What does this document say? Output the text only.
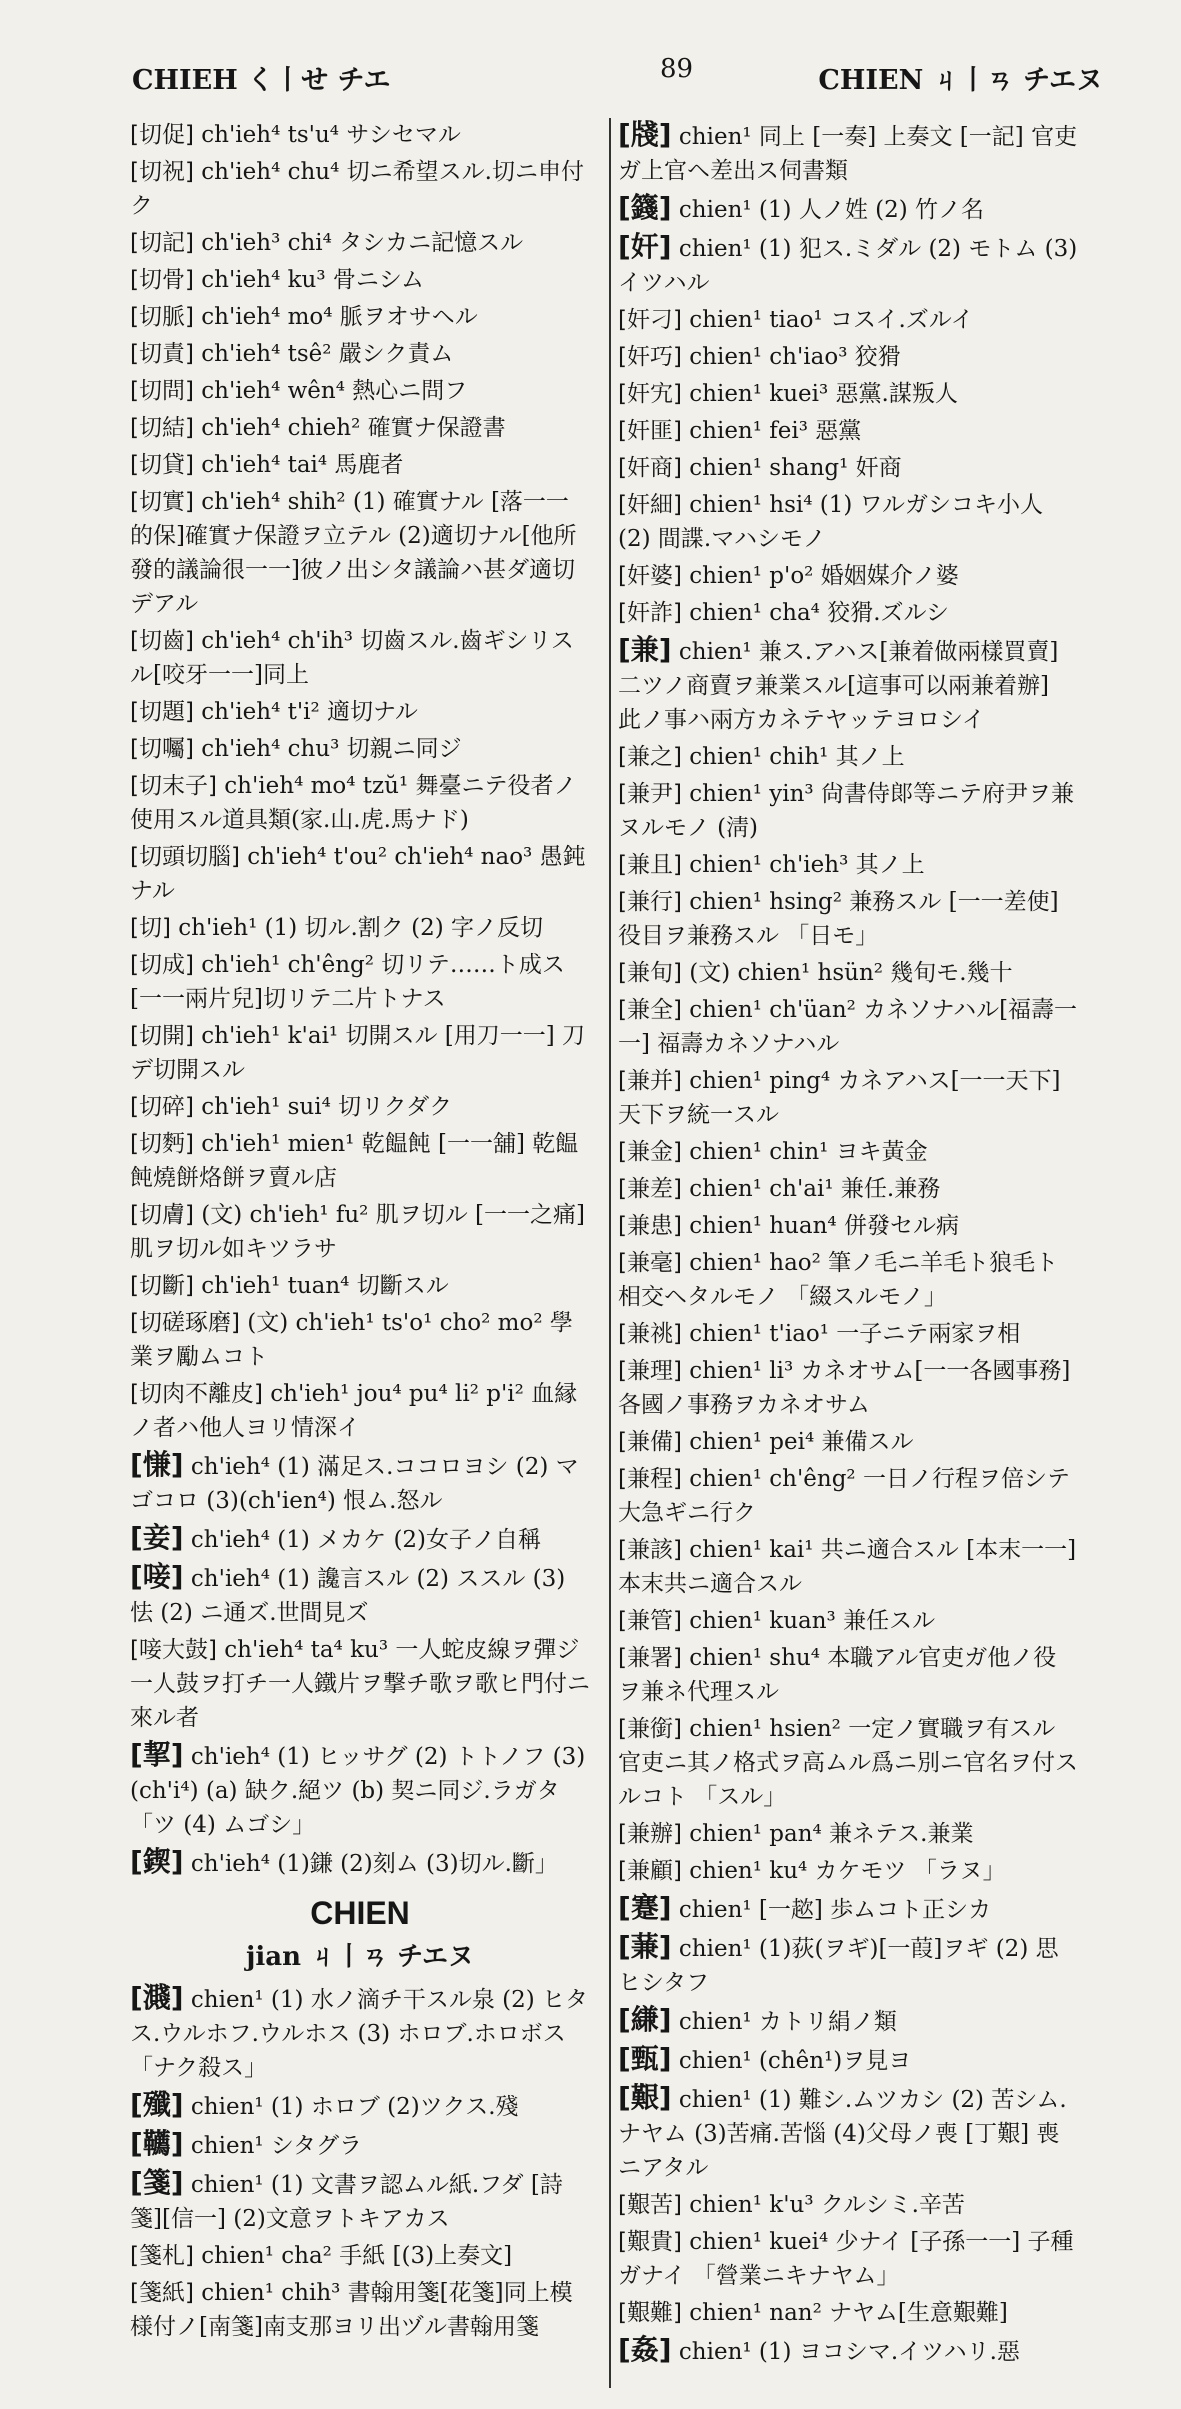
CHIEH く丨せ チエ	89	CHIEN ㄐ丨ㄢ チエヌ
[切促] ch'ieh⁴ ts'u⁴ サシセマル
[切祝] ch'ieh⁴ chu⁴ 切ニ希望スル.切ニ申付ク
[切記] ch'ieh³ chi⁴ タシカニ記憶スル
[切骨] ch'ieh⁴ ku³ 骨ニシム
[切脈] ch'ieh⁴ mo⁴ 脈ヲオサヘル
[切責] ch'ieh⁴ tsê² 嚴シク責ム
[切問] ch'ieh⁴ wên⁴ 熱心ニ問フ
[切結] ch'ieh⁴ chieh² 確實ナ保證書
[切貸] ch'ieh⁴ tai⁴ 馬鹿者
[切實] ch'ieh⁴ shih² (1) 確實ナル [落一一的保]確實ナ保證ヲ立テル (2)適切ナル[他所發的議論很一一]彼ノ出シタ議論ハ甚ダ適切デアル
[切齒] ch'ieh⁴ ch'ih³ 切齒スル.齒ギシリスル[咬牙一一]同上
[切題] ch'ieh⁴ t'i² 適切ナル
[切囑] ch'ieh⁴ chu³ 切親ニ同ジ
[切末子] ch'ieh⁴ mo⁴ tzŭ¹ 舞臺ニテ役者ノ使用スル道具類(家.山.虎.馬ナド)
[切頭切腦] ch'ieh⁴ t'ou² ch'ieh⁴ nao³ 愚鈍ナル
[切] ch'ieh¹ (1) 切ル.割ク (2) 字ノ反切
[切成] ch'ieh¹ ch'êng² 切リテ……ト成ス[一一兩片兒]切リテ二片トナス
[切開] ch'ieh¹ k'ai¹ 切開スル [用刀一一] 刀デ切開スル
[切碎] ch'ieh¹ sui⁴ 切リクダク
[切麪] ch'ieh¹ mien¹ 乾饂飩 [一一舖] 乾饂飩燒餅烙餅ヲ賣ル店
[切膚] (文) ch'ieh¹ fu² 肌ヲ切ル [一一之痛] 肌ヲ切ル如キツラサ
[切斷] ch'ieh¹ tuan⁴ 切斷スル
[切磋琢磨] (文) ch'ieh¹ ts'o¹ cho² mo² 學業ヲ勵ムコト
[切肉不離皮] ch'ieh¹ jou⁴ pu⁴ li² p'i² 血縁ノ者ハ他人ヨリ情深イ
[慊] ch'ieh⁴ (1) 滿足ス.ココロヨシ (2) マゴコロ (3)(ch'ien⁴) 恨ム.怒ル
[妾] ch'ieh⁴ (1) メカケ (2)女子ノ自稱
[唼] ch'ieh⁴ (1) 讒言スル (2) ススル (3) 怯 (2) ニ通ズ.世間見ズ
[唼大鼓] ch'ieh⁴ ta⁴ ku³ 一人蛇皮線ヲ彈ジ一人鼓ヲ打チ一人鐵片ヲ撃チ歌ヲ歌ヒ門付ニ來ル者
[挈] ch'ieh⁴ (1) ヒッサグ (2) トトノフ (3)(ch'i⁴) (a) 缺ク.絕ツ (b) 契ニ同ジ.ラガタ 「ツ (4) ムゴシ」
[鍥] ch'ieh⁴ (1)鎌 (2)刻ム (3)切ル.斷」
CHIEN
jian ㄐ丨ㄢ チエヌ
[濺] chien¹ (1) 水ノ滴チ干スル泉 (2) ヒタス.ウルホフ.ウルホス (3) ホロブ.ホロボス 「ナク殺ス」
[殲] chien¹ (1) ホロブ (2)ツクス.殘
[韉] chien¹ シタグラ
[箋] chien¹ (1) 文書ヲ認ムル紙.フダ [詩箋][信一] (2)文意ヲトキアカス
[箋札] chien¹ cha² 手紙 [(3)上奏文]
[箋紙] chien¹ chih³ 書翰用箋[花箋]同上模様付ノ[南箋]南支那ヨリ出ヅル書翰用箋
[牋] chien¹ 同上 [一奏] 上奏文 [一記] 官吏ガ上官ヘ差出ス伺書類
[籛] chien¹ (1) 人ノ姓 (2) 竹ノ名
[奸] chien¹ (1) 犯ス.ミダル (2) モトム (3) イツハル
[奸刁] chien¹ tiao¹ コスイ.ズルイ
[奸巧] chien¹ ch'iao³ 狡猾
[奸宄] chien¹ kuei³ 惡黨.謀叛人
[奸匪] chien¹ fei³ 惡黨
[奸商] chien¹ shang¹ 奸商
[奸細] chien¹ hsi⁴ (1) ワルガシコキ小人 (2) 間諜.マハシモノ
[奸婆] chien¹ p'o² 婚姻媒介ノ婆
[奸詐] chien¹ cha⁴ 狡猾.ズルシ
[兼] chien¹ 兼ス.アハス[兼着做兩樣買賣]二ツノ商賣ヲ兼業スル[這事可以兩兼着辦] 此ノ事ハ兩方カネテヤッテヨロシイ
[兼之] chien¹ chih¹ 其ノ上
[兼尹] chien¹ yin³ 尙書侍郞等ニテ府尹ヲ兼ヌルモノ (淸)
[兼且] chien¹ ch'ieh³ 其ノ上
[兼行] chien¹ hsing² 兼務スル [一一差使] 役目ヲ兼務スル 「日モ」
[兼旬] (文) chien¹ hsün² 幾旬モ.幾十
[兼全] chien¹ ch'üan² カネソナハル[福壽一一] 福壽カネソナハル
[兼并] chien¹ ping⁴ カネアハス[一一天下] 天下ヲ統一スル
[兼金] chien¹ chin¹ ヨキ黃金
[兼差] chien¹ ch'ai¹ 兼任.兼務
[兼患] chien¹ huan⁴ 併發セル病
[兼毫] chien¹ hao² 筆ノ毛ニ羊毛ト狼毛ト相交ヘタルモノ 「綴スルモノ」
[兼祧] chien¹ t'iao¹ 一子ニテ兩家ヲ相
[兼理] chien¹ li³ カネオサム[一一各國事務] 各國ノ事務ヲカネオサム
[兼備] chien¹ pei⁴ 兼備スル
[兼程] chien¹ ch'êng² 一日ノ行程ヲ倍シテ大急ギニ行ク
[兼該] chien¹ kai¹ 共ニ適合スル [本末一一] 本末共ニ適合スル
[兼管] chien¹ kuan³ 兼任スル
[兼署] chien¹ shu⁴ 本職アル官吏ガ他ノ役ヲ兼ネ代理スル
[兼銜] chien¹ hsien² 一定ノ實職ヲ有スル官吏ニ其ノ格式ヲ高ムル爲ニ別ニ官名ヲ付スルコト 「スル」
[兼辦] chien¹ pan⁴ 兼ネテス.兼業
[兼顧] chien¹ ku⁴ カケモツ 「ラヌ」
[蹇] chien¹ [一趑] 歩ムコト正シカ
[蒹] chien¹ (1)荻(ヲギ)[一葭]ヲギ (2) 思ヒシタフ
[縑] chien¹ カトリ絹ノ類
[甄] chien¹ (chên¹)ヲ見ヨ
[艱] chien¹ (1) 難シ.ムツカシ (2) 苦シム.ナヤム (3)苦痛.苦惱 (4)父母ノ喪 [丁艱] 喪ニアタル
[艱苦] chien¹ k'u³ クルシミ.辛苦
[艱貴] chien¹ kuei⁴ 少ナイ [子孫一一] 子種ガナイ 「營業ニキナヤム」
[艱難] chien¹ nan² ナヤム[生意艱難]
[姦] chien¹ (1) ヨコシマ.イツハリ.惡
